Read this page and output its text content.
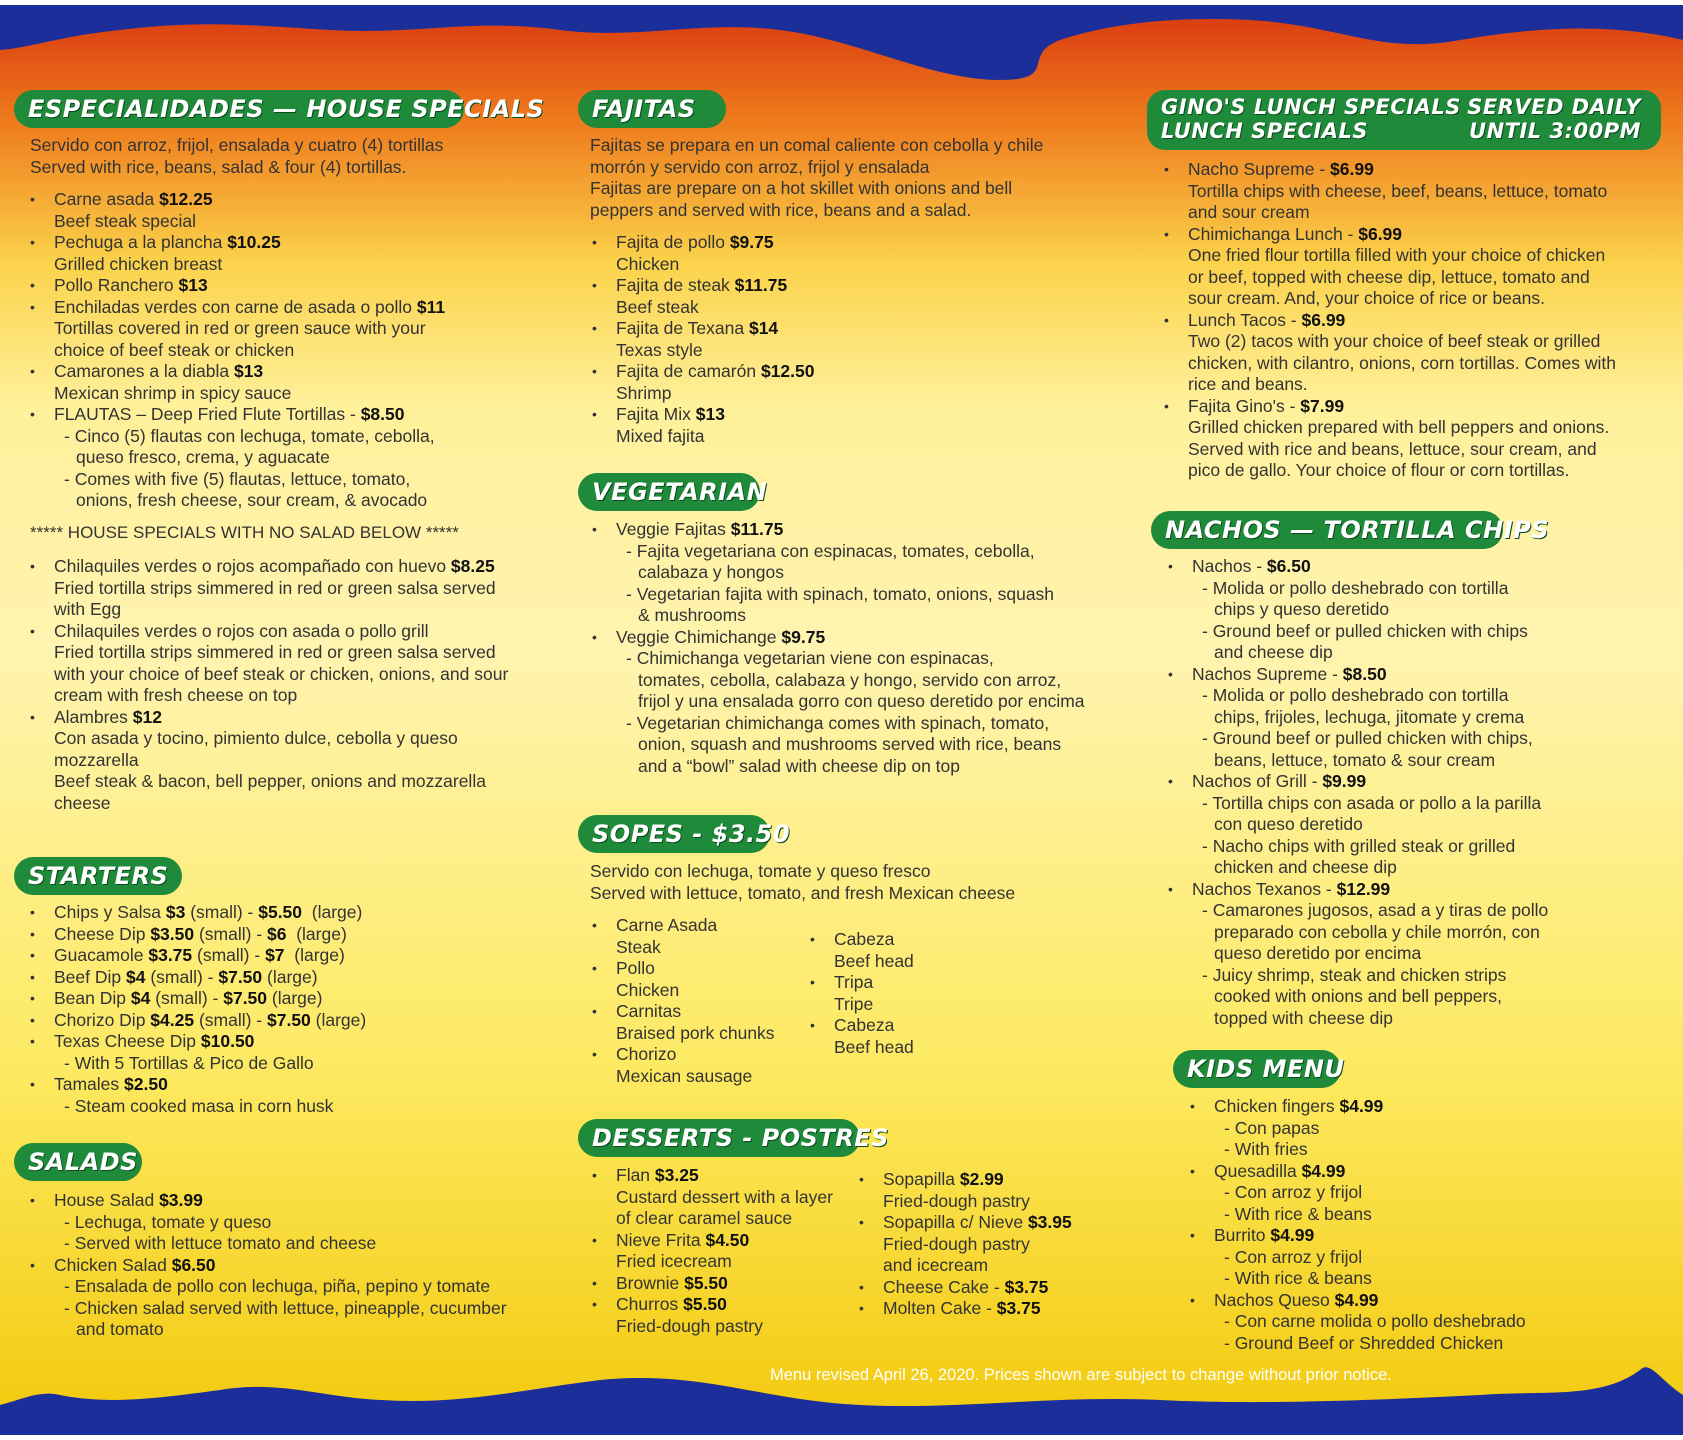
ESPECIALIDADES — HOUSE SPECIALS
Servido con arroz, frijol, ensalada y cuatro (4) tortillas
Served with rice, beans, salad & four (4) tortillas.
• Carne asada $12.25
Beef steak special
• Pechuga a la plancha $10.25
Grilled chicken breast
• Pollo Ranchero $13
• Enchiladas verdes con carne de asada o pollo $11
Tortillas covered in red or green sauce with your
choice of beef steak or chicken
• Camarones a la diabla $13
Mexican shrimp in spicy sauce
• FLAUTAS – Deep Fried Flute Tortillas - $8.50
- Cinco (5) flautas con lechuga, tomate, cebolla,
queso fresco, crema, y aguacate
- Comes with five (5) flautas, lettuce, tomato,
onions, fresh cheese, sour cream, & avocado
***** HOUSE SPECIALS WITH NO SALAD BELOW *****
• Chilaquiles verdes o rojos acompañado con huevo $8.25
Fried tortilla strips simmered in red or green salsa served
with Egg
• Chilaquiles verdes o rojos con asada o pollo grill
Fried tortilla strips simmered in red or green salsa served
with your choice of beef steak or chicken, onions, and sour
cream with fresh cheese on top
• Alambres $12
Con asada y tocino, pimiento dulce, cebolla y queso
mozzarella
Beef steak & bacon, bell pepper, onions and mozzarella
cheese
STARTERS
• Chips y Salsa $3 (small) - $5.50  (large)
• Cheese Dip $3.50 (small) - $6  (large)
• Guacamole $3.75 (small) - $7  (large)
• Beef Dip $4 (small) - $7.50 (large)
• Bean Dip $4 (small) - $7.50 (large)
• Chorizo Dip $4.25 (small) - $7.50 (large)
• Texas Cheese Dip $10.50
- With 5 Tortillas & Pico de Gallo
• Tamales $2.50
- Steam cooked masa in corn husk
SALADS
• House Salad $3.99
- Lechuga, tomate y queso
- Served with lettuce tomato and cheese
• Chicken Salad $6.50
- Ensalada de pollo con lechuga, piña, pepino y tomate
- Chicken salad served with lettuce, pineapple, cucumber
and tomato
FAJITAS
Fajitas se prepara en un comal caliente con cebolla y chile
morrón y servido con arroz, frijol y ensalada
Fajitas are prepare on a hot skillet with onions and bell
peppers and served with rice, beans and a salad.
• Fajita de pollo $9.75
Chicken
• Fajita de steak $11.75
Beef steak
• Fajita de Texana $14
Texas style
• Fajita de camarón $12.50
Shrimp
• Fajita Mix $13
Mixed fajita
VEGETARIAN
• Veggie Fajitas $11.75
- Fajita vegetariana con espinacas, tomates, cebolla,
calabaza y hongos
- Vegetarian fajita with spinach, tomato, onions, squash
& mushrooms
• Veggie Chimichange $9.75
- Chimichanga vegetarian viene con espinacas,
tomates, cebolla, calabaza y hongo, servido con arroz,
frijol y una ensalada gorro con queso deretido por encima
- Vegetarian chimichanga comes with spinach, tomato,
onion, squash and mushrooms served with rice, beans
and a “bowl” salad with cheese dip on top
SOPES - $3.50
Servido con lechuga, tomate y queso fresco
Served with lettuce, tomato, and fresh Mexican cheese
• Carne Asada
Steak
• Pollo
Chicken
• Carnitas
Braised pork chunks
• Chorizo
Mexican sausage
• Cabeza
Beef head
• Tripa
Tripe
• Cabeza
Beef head
DESSERTS - POSTRES
• Flan $3.25
Custard dessert with a layer
of clear caramel sauce
• Nieve Frita $4.50
Fried icecream
• Brownie $5.50
• Churros $5.50
Fried-dough pastry
• Sopapilla $2.99
Fried-dough pastry
• Sopapilla c/ Nieve $3.95
Fried-dough pastry
and icecream
• Cheese Cake - $3.75
• Molten Cake - $3.75
GINO'S LUNCH SPECIALS
LUNCH SPECIALS
SERVED DAILY
UNTIL 3:00PM
• Nacho Supreme - $6.99
Tortilla chips with cheese, beef, beans, lettuce, tomato
and sour cream
• Chimichanga Lunch - $6.99
One fried flour tortilla filled with your choice of chicken
or beef, topped with cheese dip, lettuce, tomato and
sour cream. And, your choice of rice or beans.
• Lunch Tacos - $6.99
Two (2) tacos with your choice of beef steak or grilled
chicken, with cilantro, onions, corn tortillas. Comes with
rice and beans.
• Fajita Gino's - $7.99
Grilled chicken prepared with bell peppers and onions.
Served with rice and beans, lettuce, sour cream, and
pico de gallo. Your choice of flour or corn tortillas.
NACHOS — TORTILLA CHIPS
• Nachos - $6.50
- Molida or pollo deshebrado con tortilla
chips y queso deretido
- Ground beef or pulled chicken with chips
and cheese dip
• Nachos Supreme - $8.50
- Molida or pollo deshebrado con tortilla
chips, frijoles, lechuga, jitomate y crema
- Ground beef or pulled chicken with chips,
beans, lettuce, tomato & sour cream
• Nachos of Grill - $9.99
- Tortilla chips con asada or pollo a la parilla
con queso deretido
- Nacho chips with grilled steak or grilled
chicken and cheese dip
• Nachos Texanos - $12.99
- Camarones jugosos, asad a y tiras de pollo
preparado con cebolla y chile morrón, con
queso deretido por encima
- Juicy shrimp, steak and chicken strips
cooked with onions and bell peppers,
topped with cheese dip
KIDS MENU
• Chicken fingers $4.99
- Con papas
- With fries
• Quesadilla $4.99
- Con arroz y frijol
- With rice & beans
• Burrito $4.99
- Con arroz y frijol
- With rice & beans
• Nachos Queso $4.99
- Con carne molida o pollo deshebrado
- Ground Beef or Shredded Chicken
Menu revised April 26, 2020. Prices shown are subject to change without prior notice.
